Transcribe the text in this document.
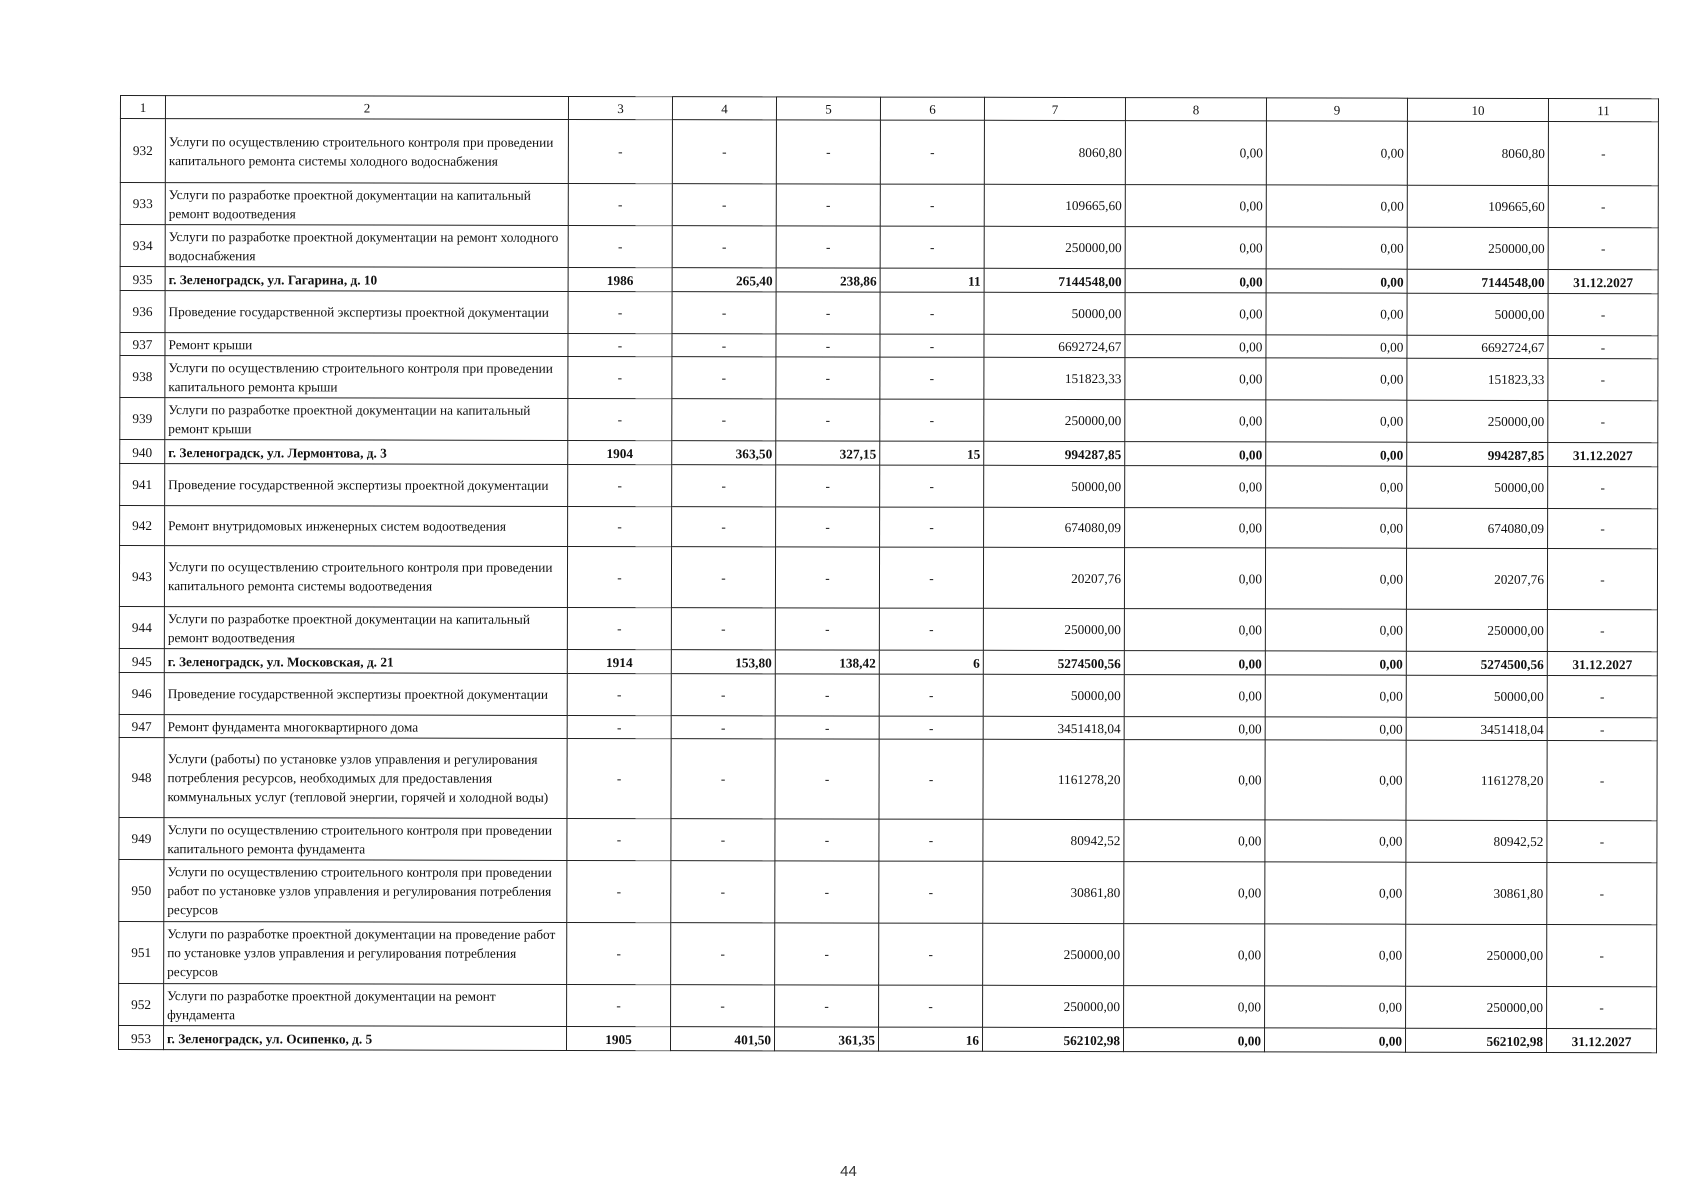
1	2	3	4	5	6	7	8	9	10	11
932	Услуги по осуществлению строительного контроля при проведении капитального ремонта системы холодного водоснабжения	-	-	-	-	8060,80	0,00	0,00	8060,80	-
933	Услуги по разработке проектной документации на капитальный ремонт водоотведения	-	-	-	-	109665,60	0,00	0,00	109665,60	-
934	Услуги по разработке проектной документации на ремонт холодного водоснабжения	-	-	-	-	250000,00	0,00	0,00	250000,00	-
935	г. Зеленоградск, ул. Гагарина, д. 10	1986	265,40	238,86	11	7144548,00	0,00	0,00	7144548,00	31.12.2027
936	Проведение государственной экспертизы проектной документации	-	-	-	-	50000,00	0,00	0,00	50000,00	-
937	Ремонт крыши	-	-	-	-	6692724,67	0,00	0,00	6692724,67	-
938	Услуги по осуществлению строительного контроля при проведении капитального ремонта крыши	-	-	-	-	151823,33	0,00	0,00	151823,33	-
939	Услуги по разработке проектной документации на капитальный ремонт крыши	-	-	-	-	250000,00	0,00	0,00	250000,00	-
940	г. Зеленоградск, ул. Лермонтова, д. 3	1904	363,50	327,15	15	994287,85	0,00	0,00	994287,85	31.12.2027
941	Проведение государственной экспертизы проектной документации	-	-	-	-	50000,00	0,00	0,00	50000,00	-
942	Ремонт внутридомовых инженерных систем водоотведения	-	-	-	-	674080,09	0,00	0,00	674080,09	-
943	Услуги по осуществлению строительного контроля при проведении капитального ремонта системы водоотведения	-	-	-	-	20207,76	0,00	0,00	20207,76	-
944	Услуги по разработке проектной документации на капитальный ремонт водоотведения	-	-	-	-	250000,00	0,00	0,00	250000,00	-
945	г. Зеленоградск, ул. Московская, д. 21	1914	153,80	138,42	6	5274500,56	0,00	0,00	5274500,56	31.12.2027
946	Проведение государственной экспертизы проектной документации	-	-	-	-	50000,00	0,00	0,00	50000,00	-
947	Ремонт фундамента многоквартирного дома	-	-	-	-	3451418,04	0,00	0,00	3451418,04	-
948	Услуги (работы) по установке узлов управления и регулирования потребления ресурсов, необходимых для предоставления коммунальных услуг (тепловой энергии, горячей и холодной воды)	-	-	-	-	1161278,20	0,00	0,00	1161278,20	-
949	Услуги по осуществлению строительного контроля при проведении капитального ремонта фундамента	-	-	-	-	80942,52	0,00	0,00	80942,52	-
950	Услуги по осуществлению строительного контроля при проведении работ по установке узлов управления и регулирования потребления ресурсов	-	-	-	-	30861,80	0,00	0,00	30861,80	-
951	Услуги по разработке проектной документации на проведение работ по установке узлов управления и регулирования потребления ресурсов	-	-	-	-	250000,00	0,00	0,00	250000,00	-
952	Услуги по разработке проектной документации на ремонт фундамента	-	-	-	-	250000,00	0,00	0,00	250000,00	-
953	г. Зеленоградск, ул. Осипенко, д. 5	1905	401,50	361,35	16	562102,98	0,00	0,00	562102,98	31.12.2027
44
